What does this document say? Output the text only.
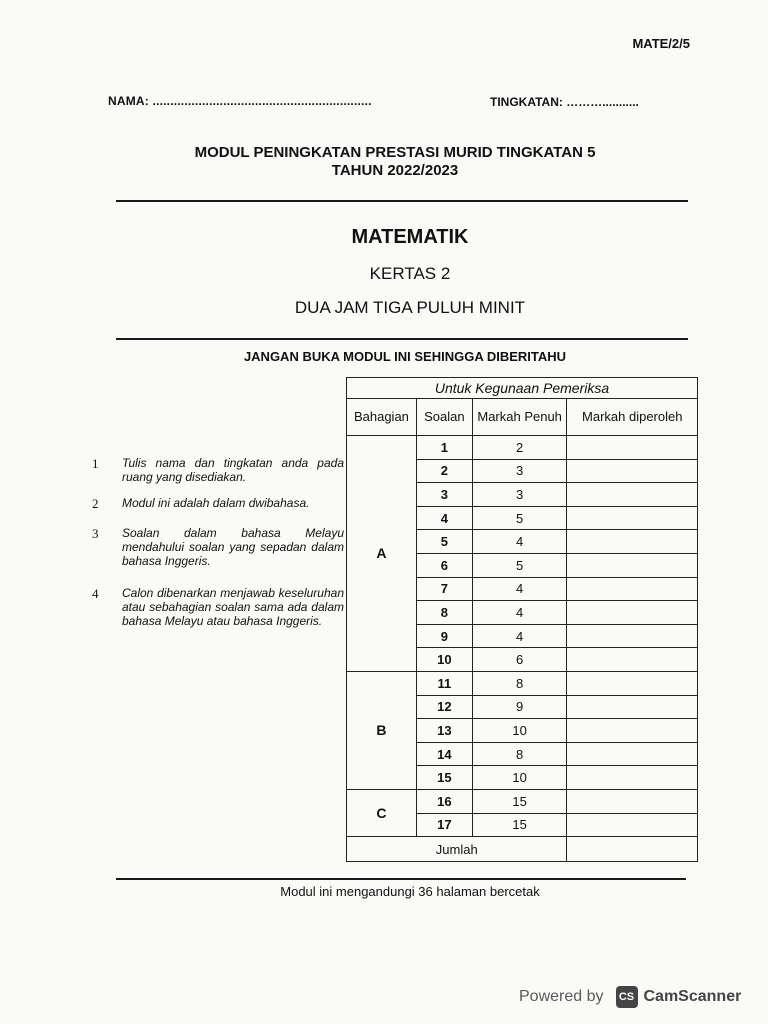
MATE/2/5
NAMA: ..............................................................	TINGKATAN: ………...........
MODUL PENINGKATAN PRESTASI MURID TINGKATAN 5
TAHUN 2022/2023
MATEMATIK
KERTAS 2
DUA JAM TIGA PULUH MINIT
JANGAN BUKA MODUL INI SEHINGGA DIBERITAHU
1	Tulis nama dan tingkatan anda pada ruang yang disediakan.
2	Modul ini adalah dalam dwibahasa.
3	Soalan dalam bahasa Melayu mendahului soalan yang sepadan dalam bahasa Inggeris.
4	Calon dibenarkan menjawab keseluruhan atau sebahagian soalan sama ada dalam bahasa Melayu atau bahasa Inggeris.
Untuk Kegunaan Pemeriksa			
Bahagian	Soalan	Markah Penuh	Markah diperoleh
A	1	2	
	2	3	
	3	3	
	4	5	
	5	4	
	6	5	
	7	4	
	8	4	
	9	4	
	10	6	
B	11	8	
	12	9	
	13	10	
	14	8	
	15	10	
C	16	15	
	17	15	
Jumlah			
Modul ini mengandungi 36 halaman bercetak
Powered by	CS CamScanner
